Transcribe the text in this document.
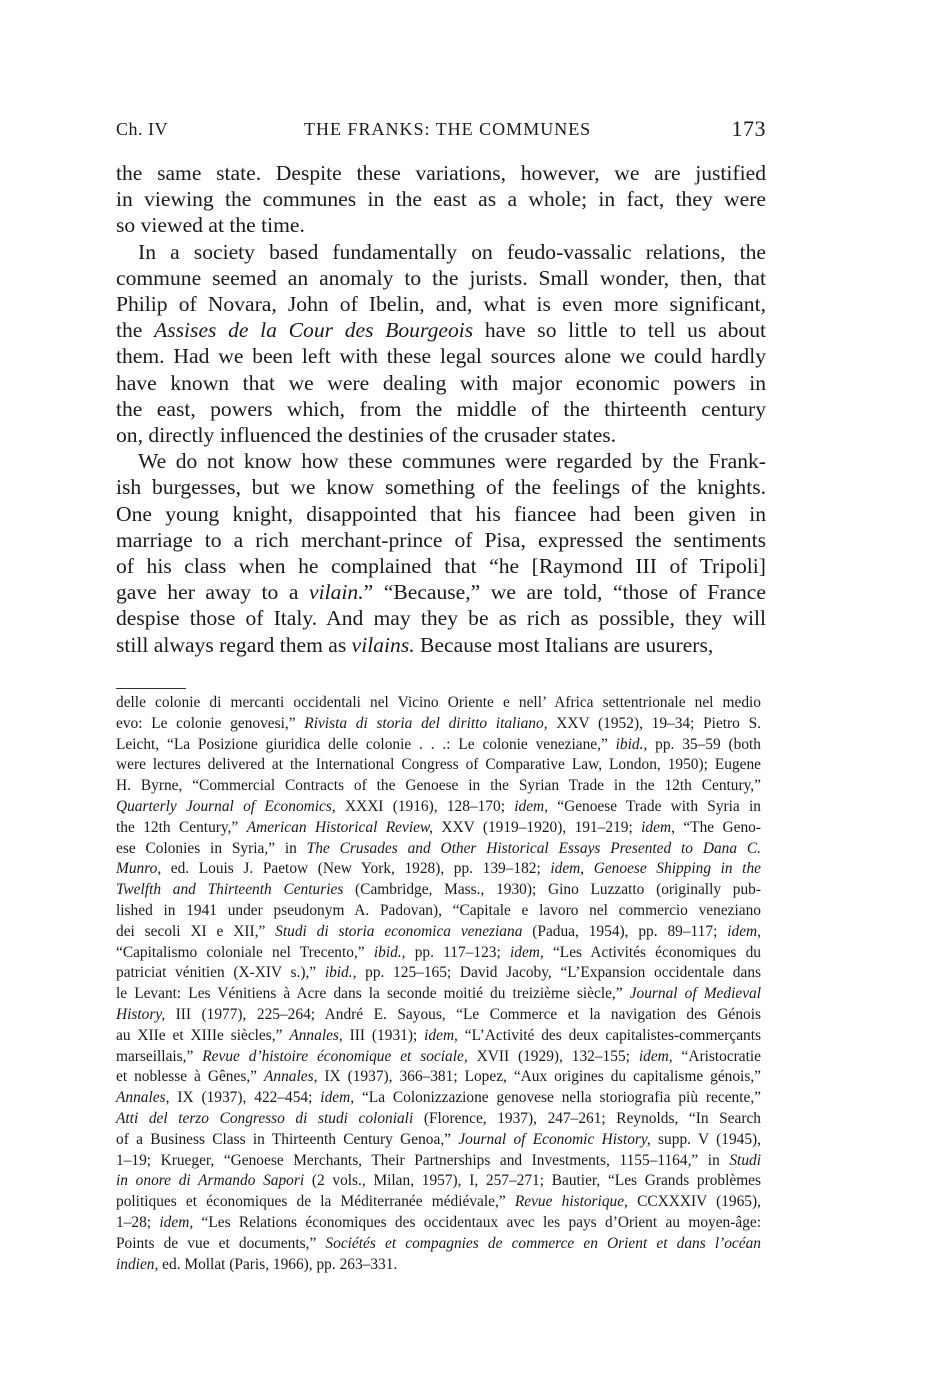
Ch. IV	THE FRANKS: THE COMMUNES	173
the same state. Despite these variations, however, we are justified
in viewing the communes in the east as a whole; in fact, they were
so viewed at the time.
In a society based fundamentally on feudo-vassalic relations, the
commune seemed an anomaly to the jurists. Small wonder, then, that
Philip of Novara, John of Ibelin, and, what is even more significant,
the Assises de la Cour des Bourgeois have so little to tell us about
them. Had we been left with these legal sources alone we could hardly
have known that we were dealing with major economic powers in
the east, powers which, from the middle of the thirteenth century
on, directly influenced the destinies of the crusader states.
We do not know how these communes were regarded by the Frank-
ish burgesses, but we know something of the feelings of the knights.
One young knight, disappointed that his fiancee had been given in
marriage to a rich merchant-prince of Pisa, expressed the sentiments
of his class when he complained that “he [Raymond III of Tripoli]
gave her away to a vilain.” “Because,” we are told, “those of France
despise those of Italy. And may they be as rich as possible, they will
still always regard them as vilains. Because most Italians are usurers,
delle colonie di mercanti occidentali nel Vicino Oriente e nell’ Africa settentrionale nel medio
evo: Le colonie genovesi,” Rivista di storia del diritto italiano, XXV (1952), 19–34; Pietro S.
Leicht, “La Posizione giuridica delle colonie . . .: Le colonie veneziane,” ibid., pp. 35–59 (both
were lectures delivered at the International Congress of Comparative Law, London, 1950); Eugene
H. Byrne, “Commercial Contracts of the Genoese in the Syrian Trade in the 12th Century,”
Quarterly Journal of Economics, XXXI (1916), 128–170; idem, “Genoese Trade with Syria in
the 12th Century,” American Historical Review, XXV (1919–1920), 191–219; idem, “The Geno-
ese Colonies in Syria,” in The Crusades and Other Historical Essays Presented to Dana C.
Munro, ed. Louis J. Paetow (New York, 1928), pp. 139–182; idem, Genoese Shipping in the
Twelfth and Thirteenth Centuries (Cambridge, Mass., 1930); Gino Luzzatto (originally pub-
lished in 1941 under pseudonym A. Padovan), “Capitale e lavoro nel commercio veneziano
dei secoli XI e XII,” Studi di storia economica veneziana (Padua, 1954), pp. 89–117; idem,
“Capitalismo coloniale nel Trecento,” ibid., pp. 117–123; idem, “Les Activités économiques du
patriciat vénitien (X-XIV s.),” ibid., pp. 125–165; David Jacoby, “L’Expansion occidentale dans
le Levant: Les Vénitiens à Acre dans la seconde moitié du treizième siècle,” Journal of Medieval
History, III (1977), 225–264; André E. Sayous, “Le Commerce et la navigation des Génois
au XIIe et XIIIe siècles,” Annales, III (1931); idem, “L’Activité des deux capitalistes-commerçants
marseillais,” Revue d’histoire économique et sociale, XVII (1929), 132–155; idem, “Aristocratie
et noblesse à Gênes,” Annales, IX (1937), 366–381; Lopez, “Aux origines du capitalisme génois,”
Annales, IX (1937), 422–454; idem, “La Colonizzazione genovese nella storiografia più recente,”
Atti del terzo Congresso di studi coloniali (Florence, 1937), 247–261; Reynolds, “In Search
of a Business Class in Thirteenth Century Genoa,” Journal of Economic History, supp. V (1945),
1–19; Krueger, “Genoese Merchants, Their Partnerships and Investments, 1155–1164,” in Studi
in onore di Armando Sapori (2 vols., Milan, 1957), I, 257–271; Bautier, “Les Grands problèmes
politiques et économiques de la Méditerranée médiévale,” Revue historique, CCXXXIV (1965),
1–28; idem, “Les Relations économiques des occidentaux avec les pays d’Orient au moyen-âge:
Points de vue et documents,” Sociétés et compagnies de commerce en Orient et dans l’océan
indien, ed. Mollat (Paris, 1966), pp. 263–331.
